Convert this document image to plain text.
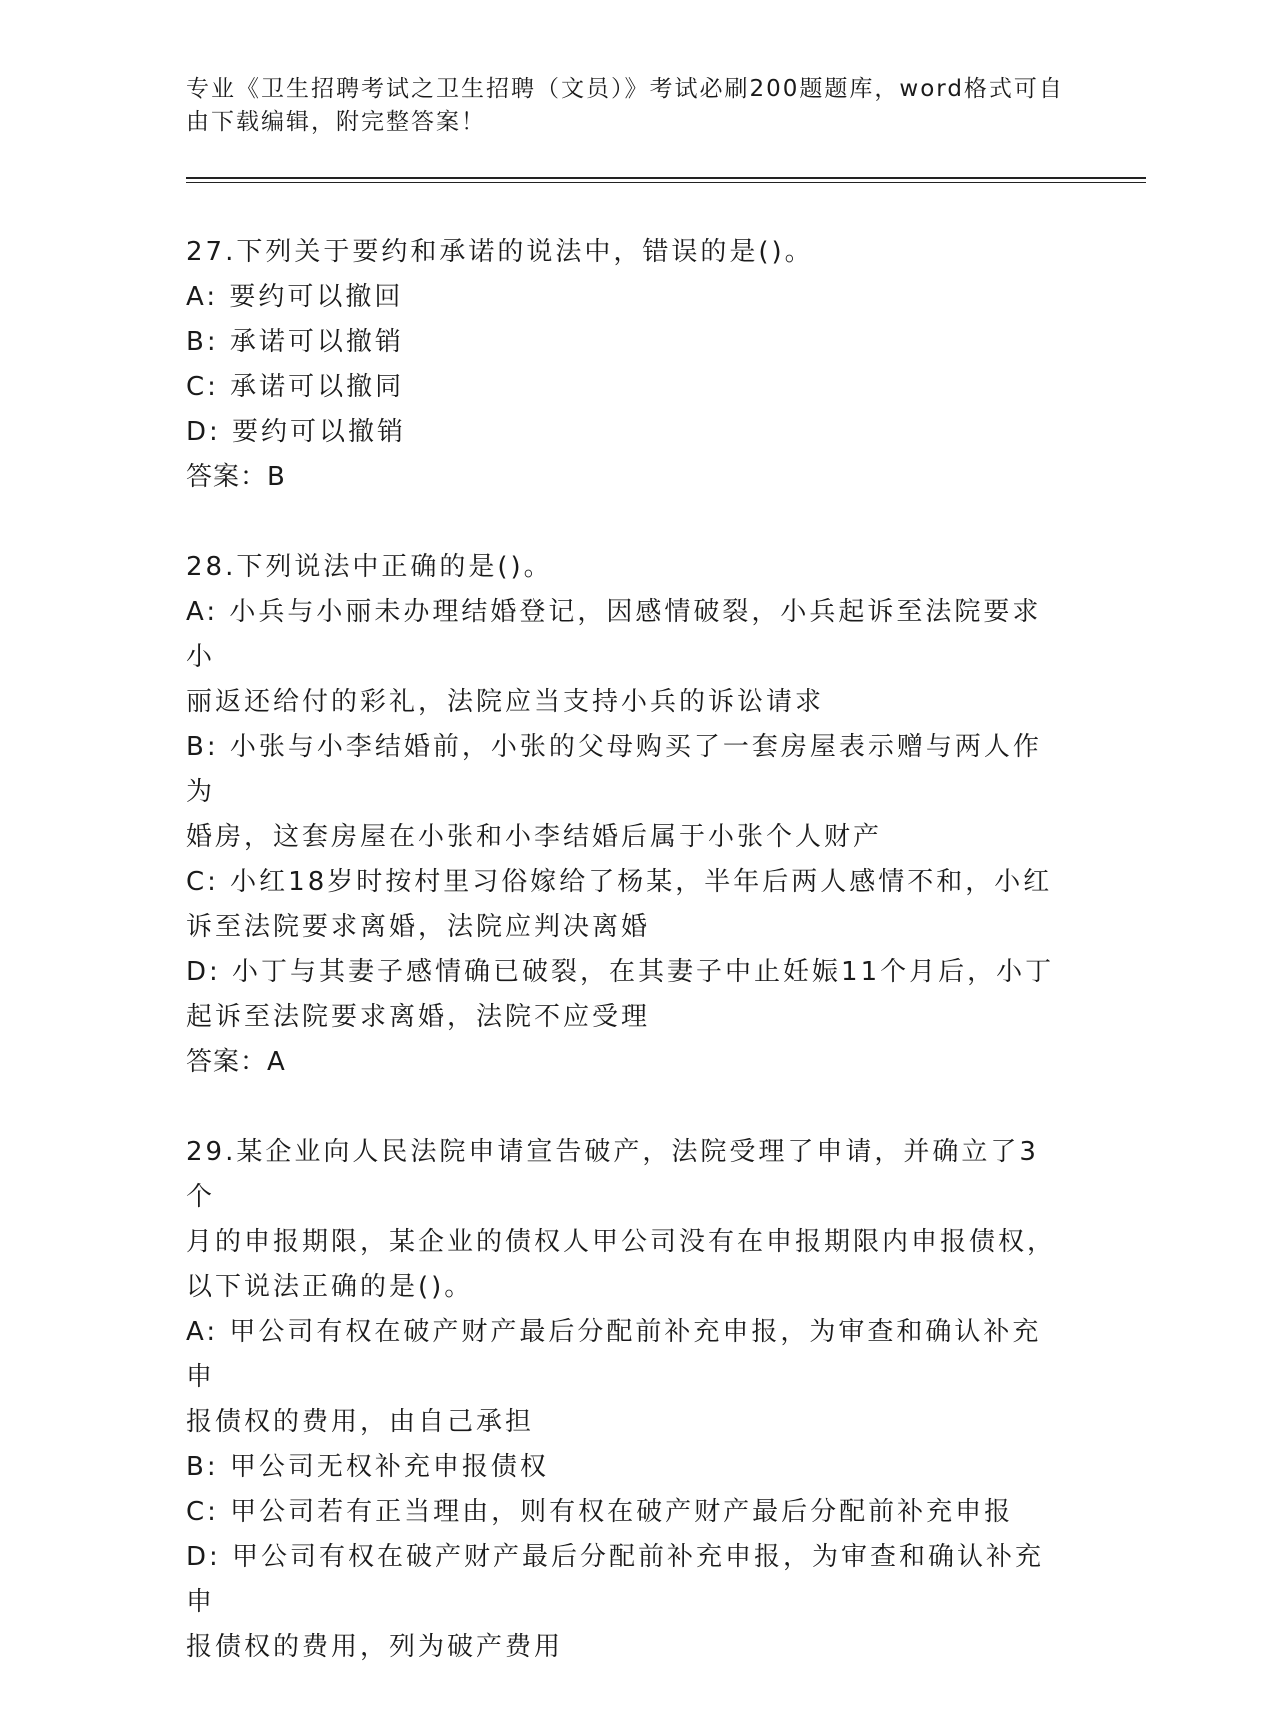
专业《卫生招聘考试之卫生招聘（文员）》考试必刷200题题库，word格式可自
由下载编辑，附完整答案！
27.下列关于要约和承诺的说法中，错误的是()。
A: 要约可以撤回
B: 承诺可以撤销
C: 承诺可以撤同
D: 要约可以撤销
答案：B
28.下列说法中正确的是()。
A: 小兵与小丽未办理结婚登记，因感情破裂，小兵起诉至法院要求小
丽返还给付的彩礼，法院应当支持小兵的诉讼请求
B: 小张与小李结婚前，小张的父母购买了一套房屋表示赠与两人作为
婚房，这套房屋在小张和小李结婚后属于小张个人财产
C: 小红18岁时按村里习俗嫁给了杨某，半年后两人感情不和，小红
诉至法院要求离婚，法院应判决离婚
D: 小丁与其妻子感情确已破裂，在其妻子中止妊娠11个月后，小丁
起诉至法院要求离婚，法院不应受理
答案：A
29.某企业向人民法院申请宣告破产，法院受理了申请，并确立了3个
月的申报期限，某企业的债权人甲公司没有在申报期限内申报债权，
以下说法正确的是()。
A: 甲公司有权在破产财产最后分配前补充申报，为审查和确认补充申
报债权的费用，由自己承担
B: 甲公司无权补充申报债权
C: 甲公司若有正当理由，则有权在破产财产最后分配前补充申报
D: 甲公司有权在破产财产最后分配前补充申报，为审查和确认补充申
报债权的费用，列为破产费用
